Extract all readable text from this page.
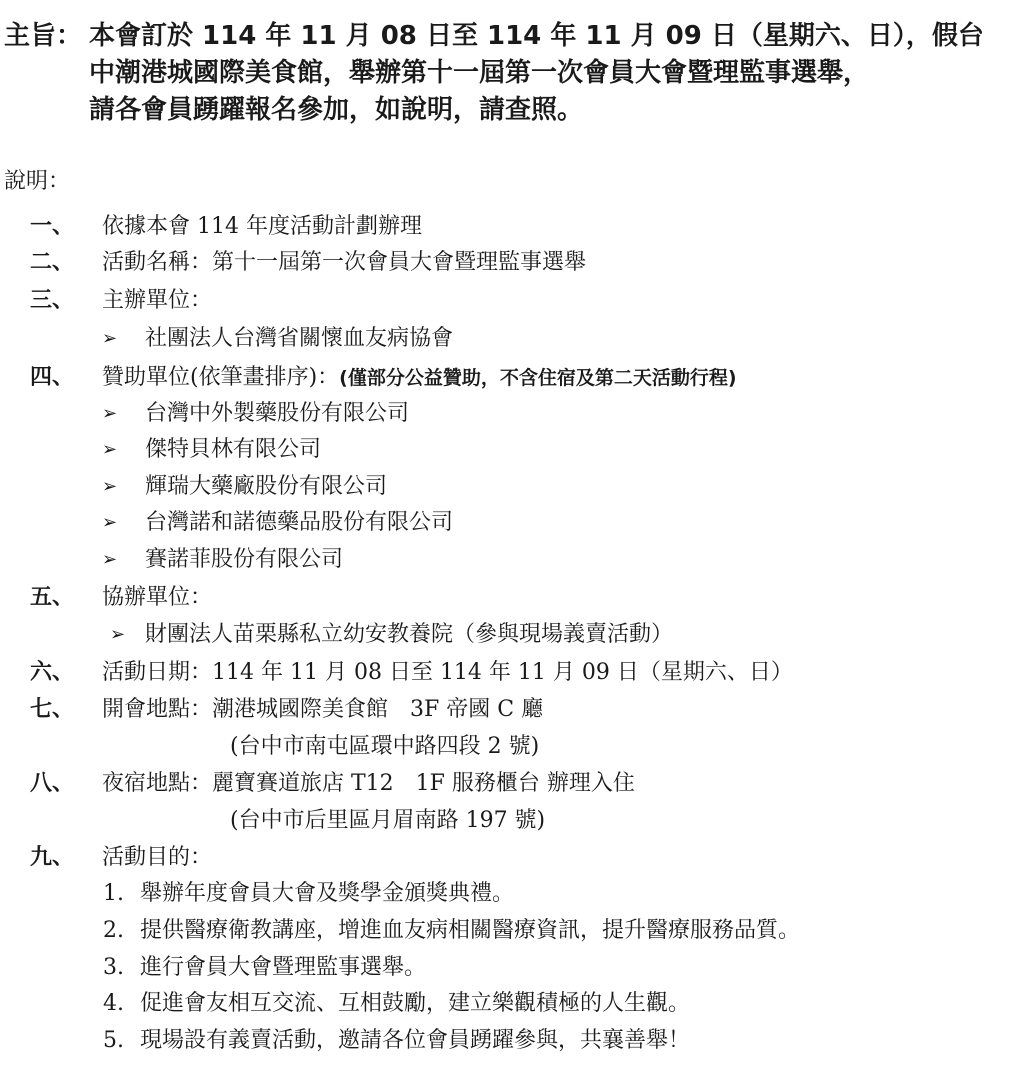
主旨： 本會訂於 114 年 11 月 08 日至 114 年 11 月 09 日（星期六、日），假台
中潮港城國際美食館，舉辦第十一屆第一次會員大會暨理監事選舉，
請各會員踴躍報名參加，如說明，請查照。
說明：
一、	依據本會 114 年度活動計劃辦理
二、	活動名稱：第十一屆第一次會員大會暨理監事選舉
三、	主辦單位：
➢ 社團法人台灣省關懷血友病協會
四、	贊助單位(依筆畫排序)：(僅部分公益贊助，不含住宿及第二天活動行程)
➢ 台灣中外製藥股份有限公司
➢ 傑特貝林有限公司
➢ 輝瑞大藥廠股份有限公司
➢ 台灣諾和諾德藥品股份有限公司
➢ 賽諾菲股份有限公司
五、	協辦單位：
➢ 財團法人苗栗縣私立幼安教養院（參與現場義賣活動）
六、	活動日期：114 年 11 月 08 日至 114 年 11 月 09 日（星期六、日）
七、	開會地點：潮港城國際美食館　3F 帝國 C 廳
(台中市南屯區環中路四段 2 號)
八、	夜宿地點：麗寶賽道旅店 T12　1F 服務櫃台 辦理入住
(台中市后里區月眉南路 197 號)
九、	活動目的：
1. 舉辦年度會員大會及獎學金頒獎典禮。
2. 提供醫療衛教講座，增進血友病相關醫療資訊，提升醫療服務品質。
3. 進行會員大會暨理監事選舉。
4. 促進會友相互交流、互相鼓勵，建立樂觀積極的人生觀。
5. 現場設有義賣活動，邀請各位會員踴躍參與，共襄善舉！
